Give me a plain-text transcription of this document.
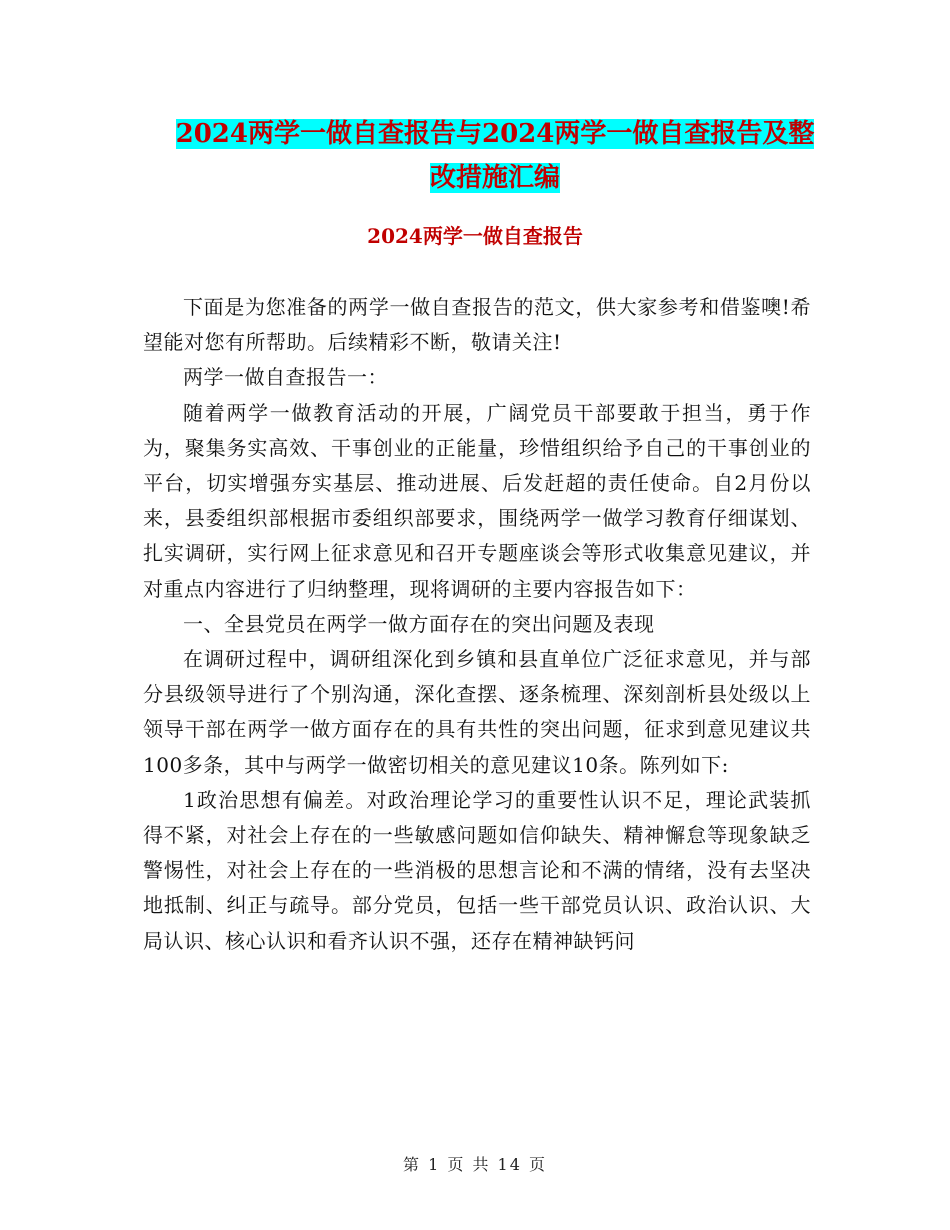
2024两学一做自查报告与2024两学一做自查报告及整
改措施汇编
2024两学一做自查报告

下面是为您准备的两学一做自查报告的范文，供大家参考和借鉴噢!希望能对您有所帮助。后续精彩不断，敬请关注!

两学一做自查报告一：

随着两学一做教育活动的开展，广阔党员干部要敢于担当，勇于作为，聚集务实高效、干事创业的正能量，珍惜组织给予自己的干事创业的平台，切实增强夯实基层、推动进展、后发赶超的责任使命。自2月份以来，县委组织部根据市委组织部要求，围绕两学一做学习教育仔细谋划、扎实调研，实行网上征求意见和召开专题座谈会等形式收集意见建议，并对重点内容进行了归纳整理，现将调研的主要内容报告如下：

一、全县党员在两学一做方面存在的突出问题及表现

在调研过程中，调研组深化到乡镇和县直单位广泛征求意见，并与部分县级领导进行了个别沟通，深化查摆、逐条梳理、深刻剖析县处级以上领导干部在两学一做方面存在的具有共性的突出问题，征求到意见建议共100多条，其中与两学一做密切相关的意见建议10条。陈列如下:

1政治思想有偏差。对政治理论学习的重要性认识不足，理论武装抓得不紧，对社会上存在的一些敏感问题如信仰缺失、精神懈怠等现象缺乏警惕性，对社会上存在的一些消极的思想言论和不满的情绪，没有去坚决地抵制、纠正与疏导。部分党员，包括一些干部党员认识、政治认识、大局认识、核心认识和看齐认识不强，还存在精神缺钙问

第 1 页 共 14 页
